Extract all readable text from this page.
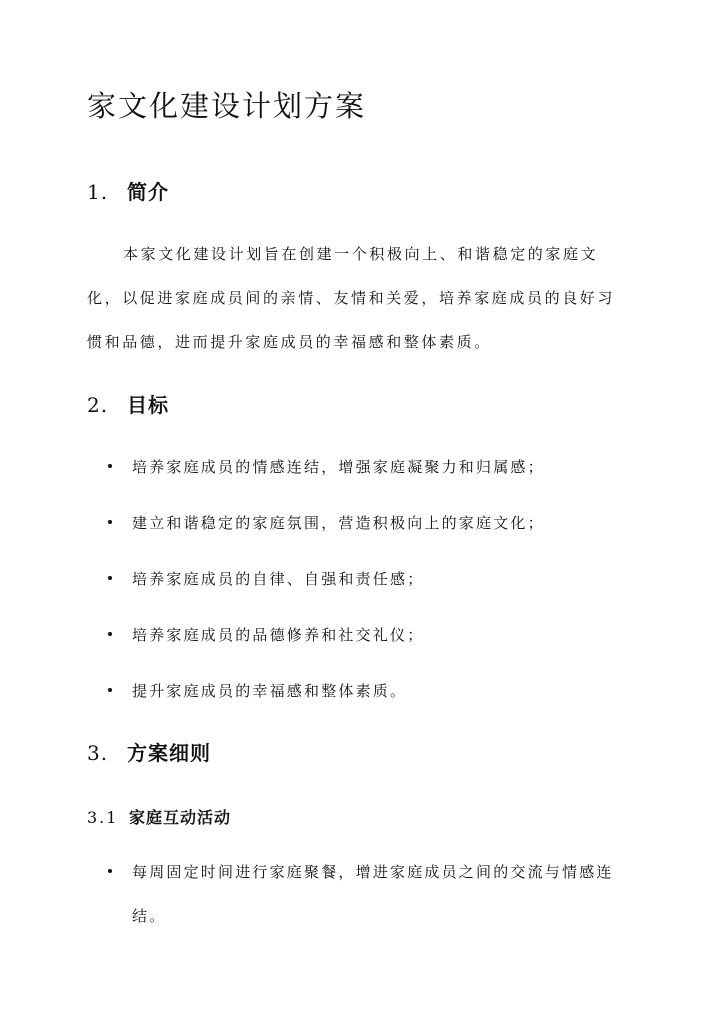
家文化建设计划方案
1. 简介

本家文化建设计划旨在创建一个积极向上、和谐稳定的家庭文化，以促进家庭成员间的亲情、友情和关爱，培养家庭成员的良好习惯和品德，进而提升家庭成员的幸福感和整体素质。

2. 目标
培养家庭成员的情感连结，增强家庭凝聚力和归属感；
建立和谐稳定的家庭氛围，营造积极向上的家庭文化；
培养家庭成员的自律、自强和责任感；
培养家庭成员的品德修养和社交礼仪；
提升家庭成员的幸福感和整体素质。
3. 方案细则
3.1 家庭互动活动
每周固定时间进行家庭聚餐，增进家庭成员之间的交流与情感连结。
